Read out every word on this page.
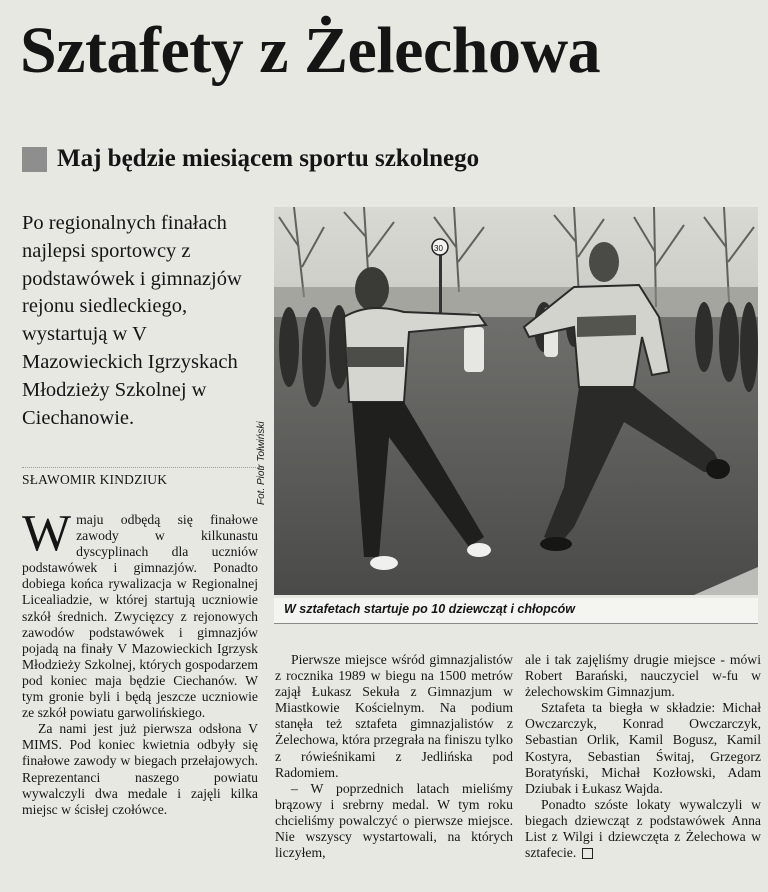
Sztafety z Żelechowa
Maj będzie miesiącem sportu szkolnego

Po regionalnych finałach najlepsi sportowcy z podstawówek i gimnazjów rejonu siedleckiego, wystartują w V Mazowieckich Igrzyskach Młodzieży Szkolnej w Ciechanowie.

SŁAWOMIR KINDZIUK	Fot. Piotr Tołwiński

Wmaju odbędą się finałowe zawody w kilkunastu dyscyplinach dla uczniów podstawówek i gimnazjów. Ponadto dobiega końca rywalizacja w Regionalnej Licealiadzie, w której startują uczniowie szkół średnich. Zwycięzcy z rejonowych zawodów podstawówek i gimnazjów pojadą na finały V Mazowieckich Igrzysk Młodzieży Szkolnej, których gospodarzem pod koniec maja będzie Ciechanów. W tym gronie byli i będą jeszcze uczniowie ze szkół powiatu garwolińskiego.

Za nami jest już pierwsza odsłona V MIMS. Pod koniec kwietnia odbyły się finałowe zawody w biegach przełajowych. Reprezentanci naszego powiatu wywalczyli dwa medale i zajęli kilka miejsc w ścisłej czołówce.

30
W sztafetach startuje po 10 dziewcząt i chłopców

Pierwsze miejsce wśród gimnazjalistów z rocznika 1989 w biegu na 1500 metrów zajął Łukasz Sekuła z Gimnazjum w Miastkowie Kościelnym. Na podium stanęła też sztafeta gimnazjalistów z Żelechowa, która przegrała na finiszu tylko z rówieśnikami z Jedlińska pod Radomiem.

– W poprzednich latach mieliśmy brązowy i srebrny medal. W tym roku chcieliśmy powalczyć o pierwsze miejsce. Nie wszyscy wystartowali, na których liczyłem,

ale i tak zajęliśmy drugie miejsce - mówi Robert Barański, nauczyciel w-fu w żelechowskim Gimnazjum.

Sztafeta ta biegła w składzie: Michał Owczarczyk, Konrad Owczarczyk, Sebastian Orlik, Kamil Bogusz, Kamil Kostyra, Sebastian Świtaj, Grzegorz Boratyński, Michał Kozłowski, Adam Dziubak i Łukasz Wajda.

Ponadto szóste lokaty wywalczyli w biegach dziewcząt z podstawówek Anna List z Wilgi i dziewczęta z Żelechowa w sztafecie.
